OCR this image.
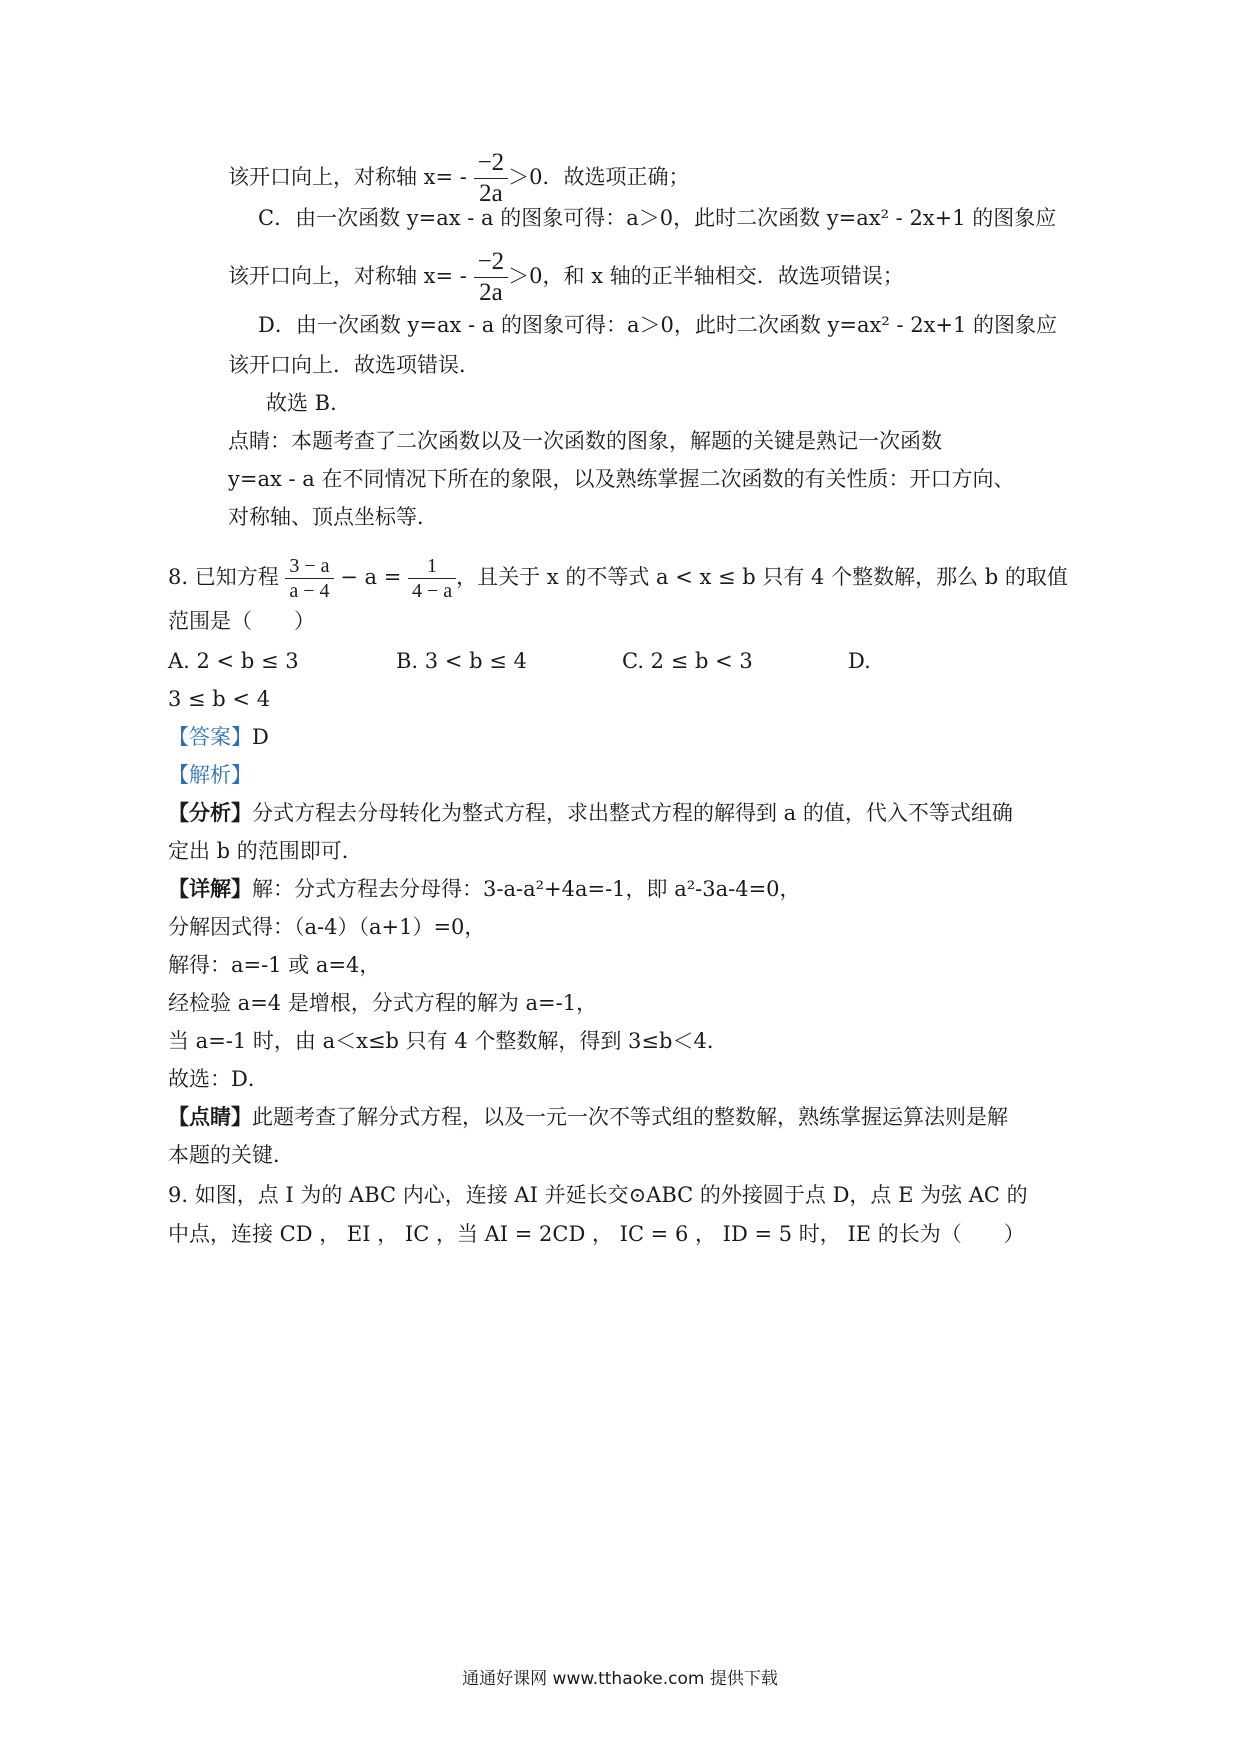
该开口向上，对称轴 $x= - \frac{-2}{2a} >0$．故选项正确；
C．由一次函数 y=ax - a 的图象可得：a＞0，此时二次函数 y=ax² - 2x+1 的图象应
该开口向上，对称轴 $x= - \frac{-2}{2a} >0$，和 x 轴的正半轴相交．故选项错误；
D．由一次函数 y=ax - a 的图象可得：a＞0，此时二次函数 y=ax² - 2x+1 的图象应
该开口向上．故选项错误．
故选 B．
点睛：本题考查了二次函数以及一次函数的图象，解题的关键是熟记一次函数
y=ax - a 在不同情况下所在的象限，以及熟练掌握二次函数的有关性质：开口方向、
对称轴、顶点坐标等．
8. 已知方程 $\frac{3 - a}{a - 4} - a = \frac{1}{4 - a}$ ，且关于 x 的不等式 a < x ≤ b 只有 4 个整数解，那么 b 的取值
范围是（　　）
A. 2 < b ≤ 3	B. 3 < b ≤ 4	C. 2 ≤ b < 3	D.
3 ≤ b < 4
【答案】D
【解析】
【分析】分式方程去分母转化为整式方程，求出整式方程的解得到 a 的值，代入不等式组确
定出 b 的范围即可．
【详解】解：分式方程去分母得：3-a-a²+4a=-1，即 a²-3a-4=0，
分解因式得：（a-4）（a+1）=0，
解得：a=-1 或 a=4，
经检验 a=4 是增根，分式方程的解为 a=-1，
当 a=-1 时，由 a＜x≤b 只有 4 个整数解，得到 3≤b＜4．
故选：D．
【点睛】此题考查了解分式方程，以及一元一次不等式组的整数解，熟练掌握运算法则是解
本题的关键．
9. 如图，点 I 为的 ABC 内心，连接 AI 并延长交⊙ABC 的外接圆于点 D，点 E 为弦 AC 的
中点，连接 CD ， EI ， IC ，当 AI = 2CD ， IC = 6 ， ID = 5 时， IE 的长为（　　）
通通好课网 www.tthaoke.com 提供下载
